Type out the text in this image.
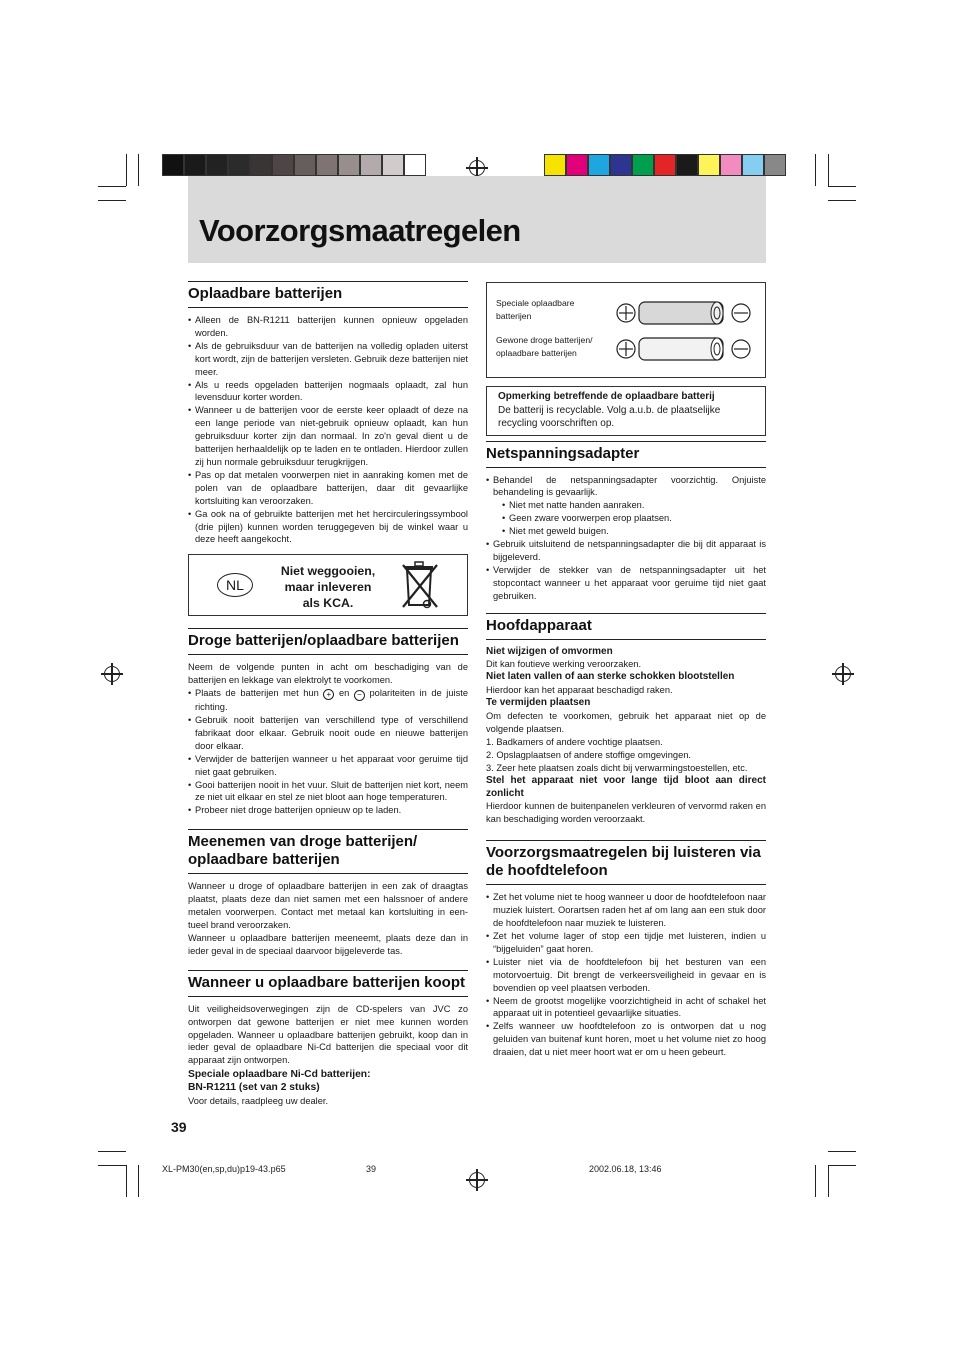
Voorzorgsmaatregelen
Oplaadbare batterijen
• Alleen de BN-R1211 batterijen kunnen opnieuw opgeladen worden.
• Als de gebruiksduur van de batterijen na volledig opladen uiterst kort wordt, zijn de batterijen versleten. Gebruik deze batterijen niet meer.
• Als u reeds opgeladen batterijen nogmaals oplaadt, zal hun levensduur korter worden.
• Wanneer u de batterijen voor de eerste keer oplaadt of deze na een lange periode van niet-gebruik opnieuw oplaadt, kan hun gebruiksduur korter zijn dan normaal. In zo'n geval dient u de batterijen herhaaldelijk op te laden en te ontladen. Hierdoor zullen zij hun normale gebruiksduur terugkrijgen.
• Pas op dat metalen voorwerpen niet in aanraking komen met de polen van de oplaadbare batterijen, daar dit gevaarlijke kortsluiting kan veroorzaken.
• Ga ook na of gebruikte batterijen met het hercirculeringssymbool (drie pijlen) kunnen worden teruggegeven bij de winkel waar u deze heeft aangekocht.
NL
Niet weggooien,
maar inleveren
als KCA.
Droge batterijen/oplaadbare batterijen

Neem de volgende punten in acht om beschadiging van de batterijen en lekkage van elektrolyt te voorkomen.

• Plaats de batterijen met hun + en − polariteiten in de juiste richting.
• Gebruik nooit batterijen van verschillend type of verschillend fabrikaat door elkaar. Gebruik nooit oude en nieuwe batterijen door elkaar.
• Verwijder de batterijen wanneer u het apparaat voor geruime tijd niet gaat gebruiken.
• Gooi batterijen nooit in het vuur. Sluit de batterijen niet kort, neem ze niet uit elkaar en stel ze niet bloot aan hoge temperaturen.
• Probeer niet droge batterijen opnieuw op te laden.
Meenemen van droge batterijen/ oplaadbare batterijen

Wanneer u droge of oplaadbare batterijen in een zak of draagtas plaatst, plaats deze dan niet samen met een halssnoer of andere metalen voorwerpen. Contact met metaal kan kortsluiting in een-tueel brand veroorzaken.

Wanneer u oplaadbare batterijen meeneemt, plaats deze dan in ieder geval in de speciaal daarvoor bijgeleverde tas.

Wanneer u oplaadbare batterijen koopt

Uit veiligheidsoverwegingen zijn de CD-spelers van JVC zo ontworpen dat gewone batterijen er niet mee kunnen worden opgeladen. Wanneer u oplaadbare batterijen gebruikt, koop dan in ieder geval de oplaadbare Ni-Cd batterijen die speciaal voor dit apparaat zijn ontworpen.

Speciale oplaadbare Ni-Cd batterijen:

BN-R1211 (set van 2 stuks)

Voor details, raadpleeg uw dealer.

39
Speciale oplaadbare batterijen
Gewone droge batterijen/ oplaadbare batterijen
Opmerking betreffende de oplaadbare batterij
De batterij is recyclable. Volg a.u.b. de plaatselijke recycling voorschriften op.
Netspanningsadapter
• Behandel de netspanningsadapter voorzichtig. Onjuiste behandeling is gevaarlijk.
• Niet met natte handen aanraken.
• Geen zware voorwerpen erop plaatsen.
• Niet met geweld buigen.
• Gebruik uitsluitend de netspanningsadapter die bij dit apparaat is bijgeleverd.
• Verwijder de stekker van de netspanningsadapter uit het stopcontact wanneer u het apparaat voor geruime tijd niet gaat gebruiken.
Hoofdapparaat

Niet wijzigen of omvormen

Dit kan foutieve werking veroorzaken.

Niet laten vallen of aan sterke schokken blootstellen

Hierdoor kan het apparaat beschadigd raken.

Te vermijden plaatsen

Om defecten te voorkomen, gebruik het apparaat niet op de volgende plaatsen.

1. Badkamers of andere vochtige plaatsen.

2. Opslagplaatsen of andere stoffige omgevingen.

3. Zeer hete plaatsen zoals dicht bij verwarmingstoestellen, etc.

Stel het apparaat niet voor lange tijd bloot aan direct zonlicht

Hierdoor kunnen de buitenpanelen verkleuren of vervormd raken en kan beschadiging worden veroorzaakt.

Voorzorgsmaatregelen bij luisteren via de hoofdtelefoon
• Zet het volume niet te hoog wanneer u door de hoofdtelefoon naar muziek luistert. Oorartsen raden het af om lang aan een stuk door de hoofdtelefoon naar muziek te luisteren.
• Zet het volume lager of stop een tijdje met luisteren, indien u “bijgeluiden” gaat horen.
• Luister niet via de hoofdtelefoon bij het besturen van een motorvoertuig. Dit brengt de verkeersveiligheid in gevaar en is bovendien op veel plaatsen verboden.
• Neem de grootst mogelijke voorzichtigheid in acht of schakel het apparaat uit in potentieel gevaarlijke situaties.
• Zelfs wanneer uw hoofdtelefoon zo is ontworpen dat u nog geluiden van buitenaf kunt horen, moet u het volume niet zo hoog draaien, dat u niet meer hoort wat er om u heen gebeurt.
XL-PM30(en,sp,du)p19-43.p65	39	2002.06.18, 13:46
